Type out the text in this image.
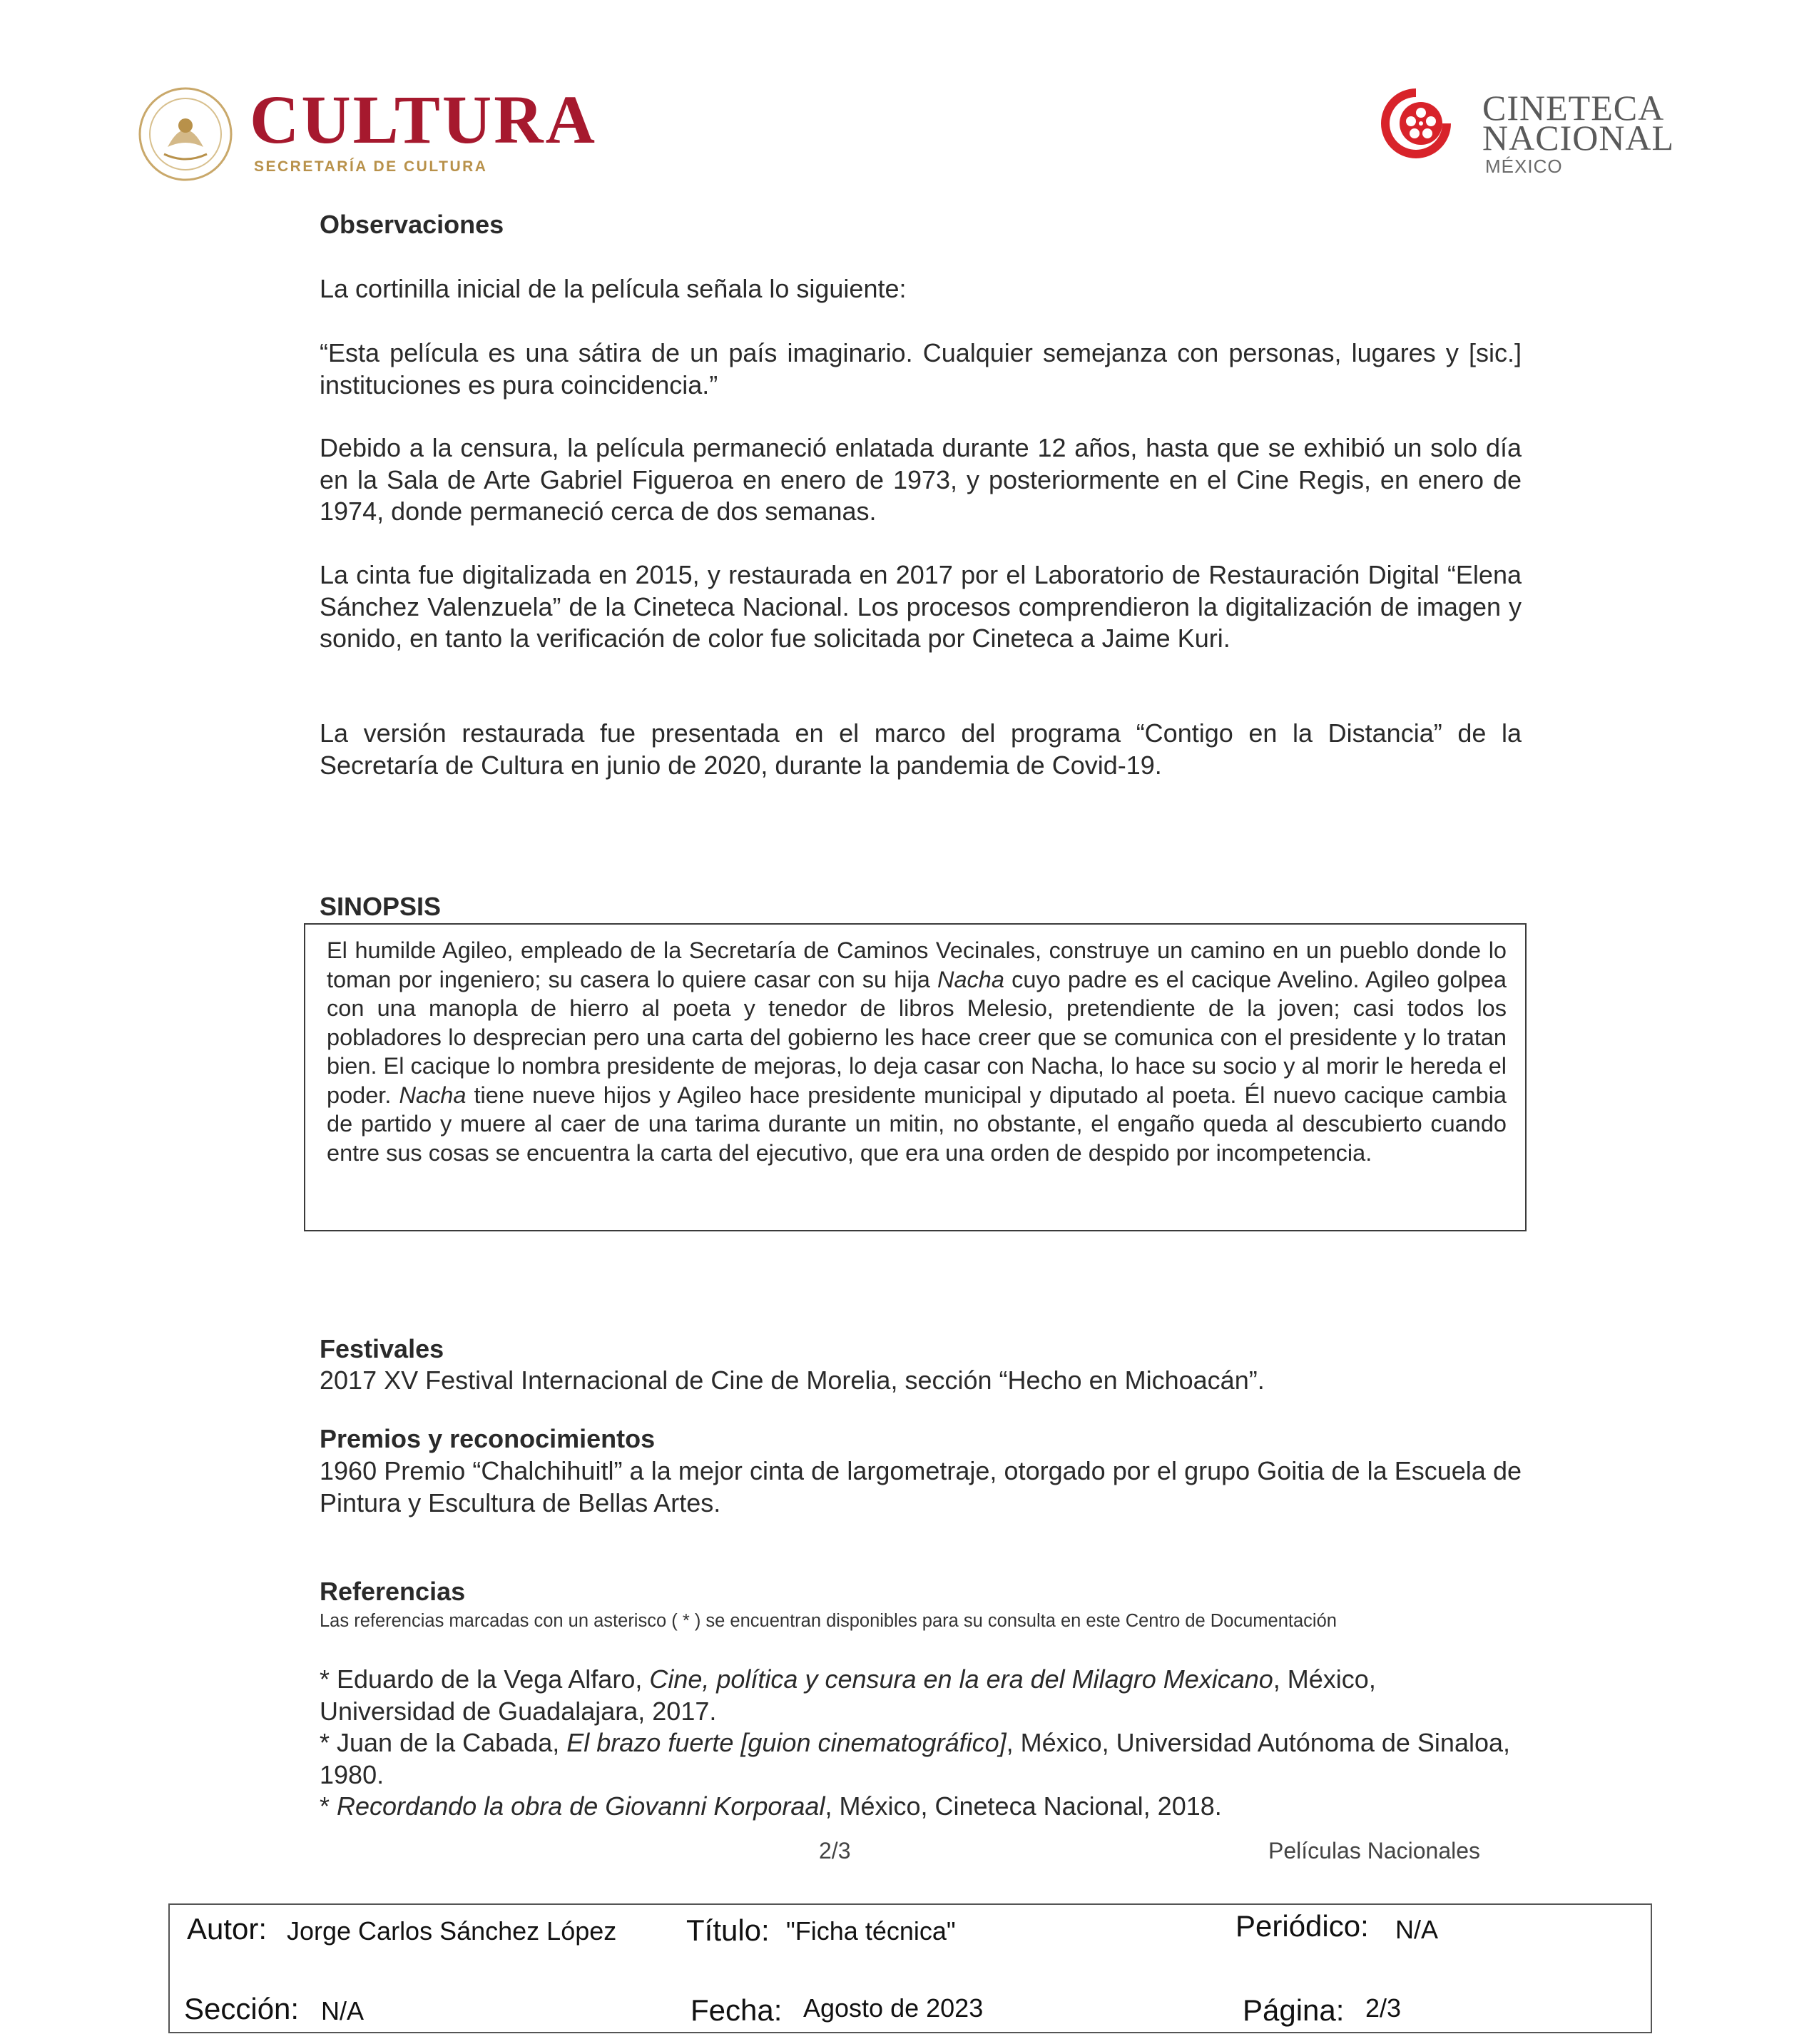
CULTURA
SECRETARÍA DE CULTURA
CINETECA
NACIONAL
MÉXICO
Observaciones

La cortinilla inicial de la película señala lo siguiente:

“Esta película es una sátira de un país imaginario. Cualquier semejanza con personas, lugares y [sic.] instituciones es pura coincidencia.”

Debido a la censura, la película permaneció enlatada durante 12 años, hasta que se exhibió un solo día en la Sala de Arte Gabriel Figueroa en enero de 1973, y posteriormente en el Cine Regis, en enero de 1974, donde permaneció cerca de dos semanas.

La cinta fue digitalizada en 2015, y restaurada en 2017 por el Laboratorio de Restauración Digital “Elena Sánchez Valenzuela” de la Cineteca Nacional. Los procesos comprendieron la digitalización de imagen y sonido, en tanto la verificación de color fue solicitada por Cineteca a Jaime Kuri.

La versión restaurada fue presentada en el marco del programa “Contigo en la Distancia” de la Secretaría de Cultura en junio de 2020, durante la pandemia de Covid-19.

SINOPSIS

El humilde Agileo, empleado de la Secretaría de Caminos Vecinales, construye un camino en un pueblo donde lo toman por ingeniero; su casera lo quiere casar con su hija Nacha cuyo padre es el cacique Avelino. Agileo golpea con una manopla de hierro al poeta y tenedor de libros Melesio, pretendiente de la joven; casi todos los pobladores lo desprecian pero una carta del gobierno les hace creer que se comunica con el presidente y lo tratan bien. El cacique lo nombra presidente de mejoras, lo deja casar con Nacha, lo hace su socio y al morir le hereda el poder. Nacha tiene nueve hijos y Agileo hace presidente municipal y diputado al poeta. Él nuevo cacique cambia de partido y muere al caer de una tarima durante un mitin, no obstante, el engaño queda al descubierto cuando entre sus cosas se encuentra la carta del ejecutivo, que era una orden de despido por incompetencia.

Festivales

2017 XV Festival Internacional de Cine de Morelia, sección “Hecho en Michoacán”.

Premios y reconocimientos

1960 Premio “Chalchihuitl” a la mejor cinta de largometraje, otorgado por el grupo Goitia de la Escuela de Pintura y Escultura de Bellas Artes.

Referencias

Las referencias marcadas con un asterisco ( * ) se encuentran disponibles para su consulta en este Centro de Documentación

* Eduardo de la Vega Alfaro, Cine, política y censura en la era del Milagro Mexicano, México, Universidad de Guadalajara, 2017.

* Juan de la Cabada, El brazo fuerte [guion cinematográfico], México, Universidad Autónoma de Sinaloa, 1980.

* Recordando la obra de Giovanni Korporaal, México, Cineteca Nacional, 2018.

2/3	Películas Nacionales
Autor: Jorge Carlos Sánchez López Título: "Ficha técnica"	Periódico: N/A
Sección: N/A	Fecha: Agosto de 2023	Página: 2/3
